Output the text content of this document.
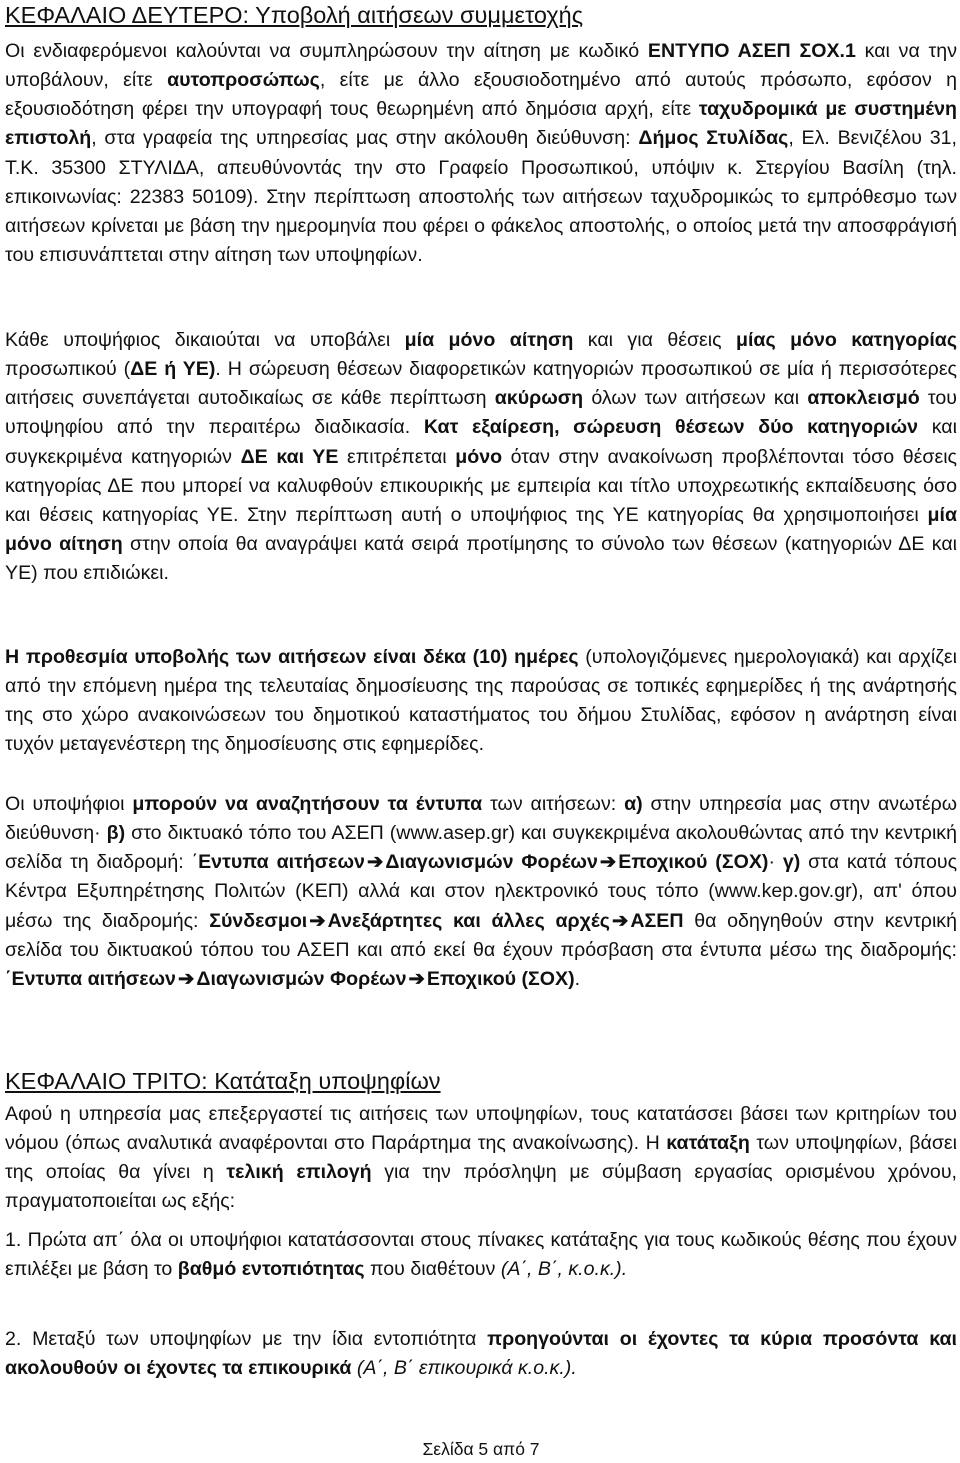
ΚΕΦΑΛΑΙΟ ΔΕΥΤΕΡΟ: Υποβολή αιτήσεων συμμετοχής
Οι ενδιαφερόμενοι καλούνται να συμπληρώσουν την αίτηση με κωδικό ΕΝΤΥΠΟ ΑΣΕΠ ΣΟΧ.1 και να την υποβάλουν, είτε αυτοπροσώπως, είτε με άλλο εξουσιοδοτημένο από αυτούς πρόσωπο, εφόσον η εξουσιοδότηση φέρει την υπογραφή τους θεωρημένη από δημόσια αρχή, είτε ταχυδρομικά με συστημένη επιστολή, στα γραφεία της υπηρεσίας μας στην ακόλουθη διεύθυνση: Δήμος Στυλίδας, Ελ. Βενιζέλου 31, Τ.Κ. 35300 ΣΤΥΛΙΔΑ, απευθύνοντάς την στο Γραφείο Προσωπικού, υπόψιν κ. Στεργίου Βασίλη (τηλ. επικοινωνίας: 22383 50109). Στην περίπτωση αποστολής των αιτήσεων ταχυδρομικώς το εμπρόθεσμο των αιτήσεων κρίνεται με βάση την ημερομηνία που φέρει ο φάκελος αποστολής, ο οποίος μετά την αποσφράγισή του επισυνάπτεται στην αίτηση των υποψηφίων.
Κάθε υποψήφιος δικαιούται να υποβάλει μία μόνο αίτηση και για θέσεις μίας μόνο κατηγορίας προσωπικού (ΔΕ ή ΥΕ). Η σώρευση θέσεων διαφορετικών κατηγοριών προσωπικού σε μία ή περισσότερες αιτήσεις συνεπάγεται αυτοδικαίως σε κάθε περίπτωση ακύρωση όλων των αιτήσεων και αποκλεισμό του υποψηφίου από την περαιτέρω διαδικασία. Κατ εξαίρεση, σώρευση θέσεων δύο κατηγοριών και συγκεκριμένα κατηγοριών ΔΕ και ΥΕ επιτρέπεται μόνο όταν στην ανακοίνωση προβλέπονται τόσο θέσεις κατηγορίας ΔΕ που μπορεί να καλυφθούν επικουρικής με εμπειρία και τίτλο υποχρεωτικής εκπαίδευσης όσο και θέσεις κατηγορίας ΥΕ. Στην περίπτωση αυτή ο υποψήφιος της ΥΕ κατηγορίας θα χρησιμοποιήσει μία μόνο αίτηση στην οποία θα αναγράψει κατά σειρά προτίμησης το σύνολο των θέσεων (κατηγοριών ΔΕ και ΥΕ) που επιδιώκει.
Η προθεσμία υποβολής των αιτήσεων είναι δέκα (10) ημέρες (υπολογιζόμενες ημερολογιακά) και αρχίζει από την επόμενη ημέρα της τελευταίας δημοσίευσης της παρούσας σε τοπικές εφημερίδες ή της ανάρτησής της στο χώρο ανακοινώσεων του δημοτικού καταστήματος του δήμου Στυλίδας, εφόσον η ανάρτηση είναι τυχόν μεταγενέστερη της δημοσίευσης στις εφημερίδες.
Οι υποψήφιοι μπορούν να αναζητήσουν τα έντυπα των αιτήσεων: α) στην υπηρεσία μας στην ανωτέρω διεύθυνση· β) στο δικτυακό τόπο του ΑΣΕΠ (www.asep.gr) και συγκεκριμένα ακολουθώντας από την κεντρική σελίδα τη διαδρομή: ΄Εντυπα αιτήσεων ➔ Διαγωνισμών Φορέων ➔ Εποχικού (ΣΟΧ)· γ) στα κατά τόπους Κέντρα Εξυπηρέτησης Πολιτών (ΚΕΠ) αλλά και στον ηλεκτρονικό τους τόπο (www.kep.gov.gr), απ' όπου μέσω της διαδρομής: Σύνδεσμοι ➔ Ανεξάρτητες και άλλες αρχές ➔ ΑΣΕΠ θα οδηγηθούν στην κεντρική σελίδα του δικτυακού τόπου του ΑΣΕΠ και από εκεί θα έχουν πρόσβαση στα έντυπα μέσω της διαδρομής: ΄Εντυπα αιτήσεων ➔ Διαγωνισμών Φορέων ➔ Εποχικού (ΣΟΧ).
ΚΕΦΑΛΑΙΟ ΤΡΙΤΟ: Κατάταξη υποψηφίων
Αφού η υπηρεσία μας επεξεργαστεί τις αιτήσεις των υποψηφίων, τους κατατάσσει βάσει των κριτηρίων του νόμου (όπως αναλυτικά αναφέρονται στο Παράρτημα της ανακοίνωσης). Η κατάταξη των υποψηφίων, βάσει της οποίας θα γίνει η τελική επιλογή για την πρόσληψη με σύμβαση εργασίας ορισμένου χρόνου, πραγματοποιείται ως εξής:
1. Πρώτα απ΄ όλα οι υποψήφιοι κατατάσσονται στους πίνακες κατάταξης για τους κωδικούς θέσης που έχουν επιλέξει με βάση το βαθμό εντοπιότητας που διαθέτουν (Α΄, Β΄, κ.ο.κ.).
2. Μεταξύ των υποψηφίων με την ίδια εντοπιότητα προηγούνται οι έχοντες τα κύρια προσόντα και ακολουθούν οι έχοντες τα επικουρικά (Α΄, Β΄ επικουρικά κ.ο.κ.).
Σελίδα 5 από 7
